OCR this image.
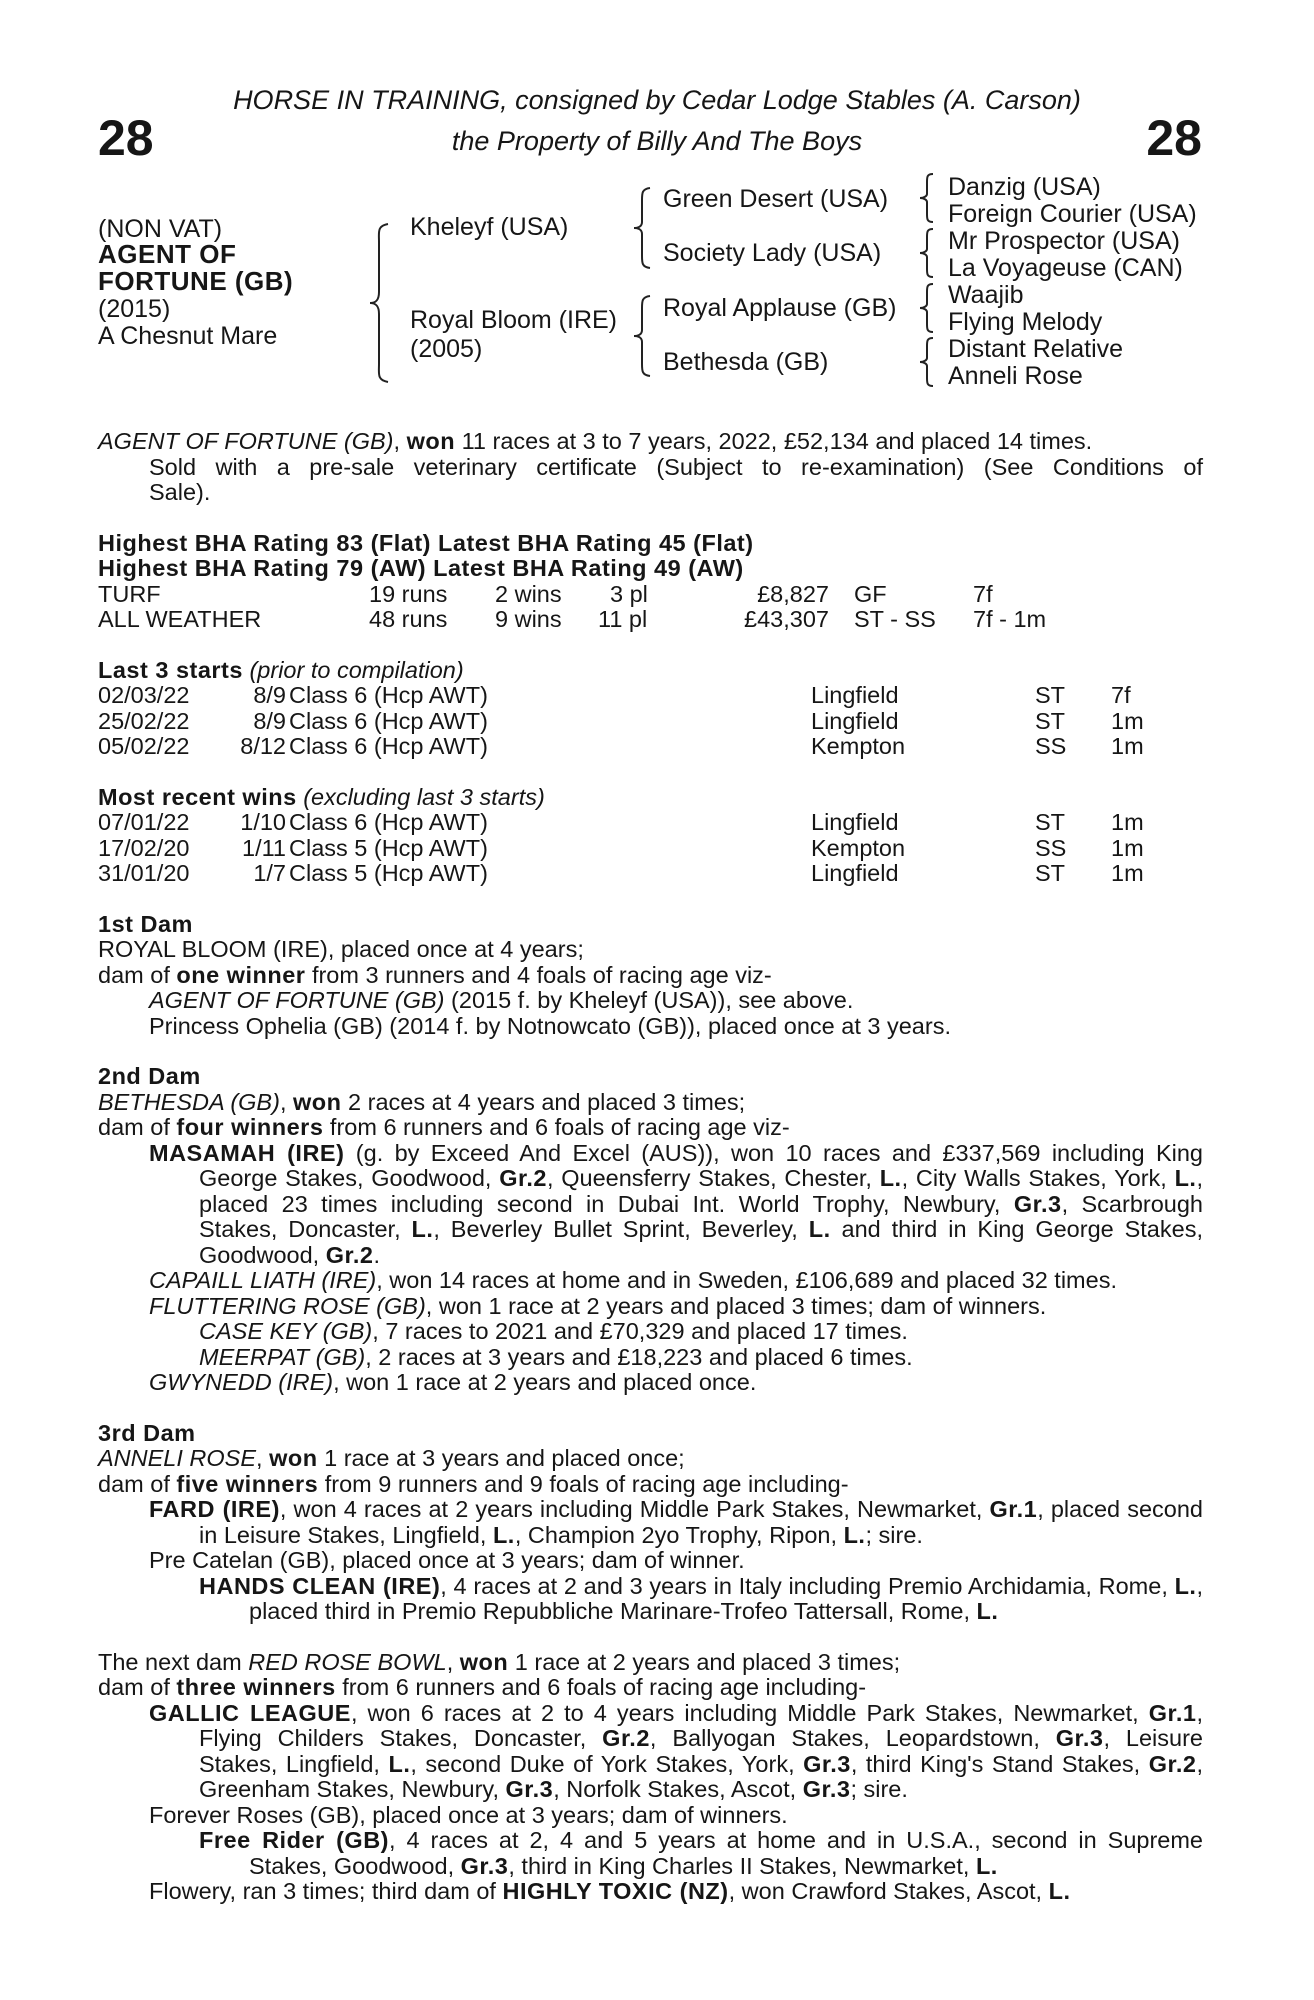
28	28
HORSE IN TRAINING, consigned by Cedar Lodge Stables (A. Carson)
the Property of Billy And The Boys
(NON VAT)
AGENT OF
FORTUNE (GB)
(2015)
A Chesnut Mare
Kheleyf (USA)
Royal Bloom (IRE)
(2005)
Green Desert (USA)
Society Lady (USA)
Royal Applause (GB)
Bethesda (GB)
Danzig (USA)
Foreign Courier (USA)
Mr Prospector (USA)
La Voyageuse (CAN)
Waajib
Flying Melody
Distant Relative
Anneli Rose
AGENT OF FORTUNE (GB), won 11 races at 3 to 7 years, 2022, £52,134 and placed 14 times.
Sold with a pre-sale veterinary certificate (Subject to re-examination) (See Conditions of
Sale).
Highest BHA Rating 83 (Flat) Latest BHA Rating 45 (Flat)
Highest BHA Rating 79 (AW) Latest BHA Rating 49 (AW)
TURF	19 runs 2 wins 3 pl	£8,827 GF	7f
ALL WEATHER	48 runs 9 wins 11 pl	£43,307 ST - SS 7f - 1m
Last 3 starts (prior to compilation)
02/03/22	8/9 Class 6 (Hcp AWT)	Lingfield	ST 7f
25/02/22	8/9 Class 6 (Hcp AWT)	Lingfield	ST 1m
05/02/22 8/12 Class 6 (Hcp AWT)	Kempton	SS 1m
Most recent wins (excluding last 3 starts)
07/01/22 1/10 Class 6 (Hcp AWT)	Lingfield	ST 1m
17/02/20 1/11 Class 5 (Hcp AWT)	Kempton	SS 1m
31/01/20	1/7 Class 5 (Hcp AWT)	Lingfield	ST 1m
1st Dam
ROYAL BLOOM (IRE), placed once at 4 years;
dam of one winner from 3 runners and 4 foals of racing age viz-
AGENT OF FORTUNE (GB) (2015 f. by Kheleyf (USA)), see above.
Princess Ophelia (GB) (2014 f. by Notnowcato (GB)), placed once at 3 years.
2nd Dam
BETHESDA (GB), won 2 races at 4 years and placed 3 times;
dam of four winners from 6 runners and 6 foals of racing age viz-
MASAMAH (IRE) (g. by Exceed And Excel (AUS)), won 10 races and £337,569 including King George Stakes, Goodwood, Gr.2, Queensferry Stakes, Chester, L., City Walls Stakes, York, L., placed 23 times including second in Dubai Int. World Trophy, Newbury, Gr.3, Scarbrough Stakes, Doncaster, L., Beverley Bullet Sprint, Beverley, L. and third in King George Stakes, Goodwood, Gr.2.
CAPAILL LIATH (IRE), won 14 races at home and in Sweden, £106,689 and placed 32 times.
FLUTTERING ROSE (GB), won 1 race at 2 years and placed 3 times; dam of winners.
CASE KEY (GB), 7 races to 2021 and £70,329 and placed 17 times.
MEERPAT (GB), 2 races at 3 years and £18,223 and placed 6 times.
GWYNEDD (IRE), won 1 race at 2 years and placed once.
3rd Dam
ANNELI ROSE, won 1 race at 3 years and placed once;
dam of five winners from 9 runners and 9 foals of racing age including-
FARD (IRE), won 4 races at 2 years including Middle Park Stakes, Newmarket, Gr.1, placed second in Leisure Stakes, Lingfield, L., Champion 2yo Trophy, Ripon, L.; sire.
Pre Catelan (GB), placed once at 3 years; dam of winner.
HANDS CLEAN (IRE), 4 races at 2 and 3 years in Italy including Premio Archidamia, Rome, L., placed third in Premio Repubbliche Marinare-Trofeo Tattersall, Rome, L.
The next dam RED ROSE BOWL, won 1 race at 2 years and placed 3 times;
dam of three winners from 6 runners and 6 foals of racing age including-
GALLIC LEAGUE, won 6 races at 2 to 4 years including Middle Park Stakes, Newmarket, Gr.1, Flying Childers Stakes, Doncaster, Gr.2, Ballyogan Stakes, Leopardstown, Gr.3, Leisure Stakes, Lingfield, L., second Duke of York Stakes, York, Gr.3, third King's Stand Stakes, Gr.2, Greenham Stakes, Newbury, Gr.3, Norfolk Stakes, Ascot, Gr.3; sire.
Forever Roses (GB), placed once at 3 years; dam of winners.
Free Rider (GB), 4 races at 2, 4 and 5 years at home and in U.S.A., second in Supreme Stakes, Goodwood, Gr.3, third in King Charles II Stakes, Newmarket, L.
Flowery, ran 3 times; third dam of HIGHLY TOXIC (NZ), won Crawford Stakes, Ascot, L.
